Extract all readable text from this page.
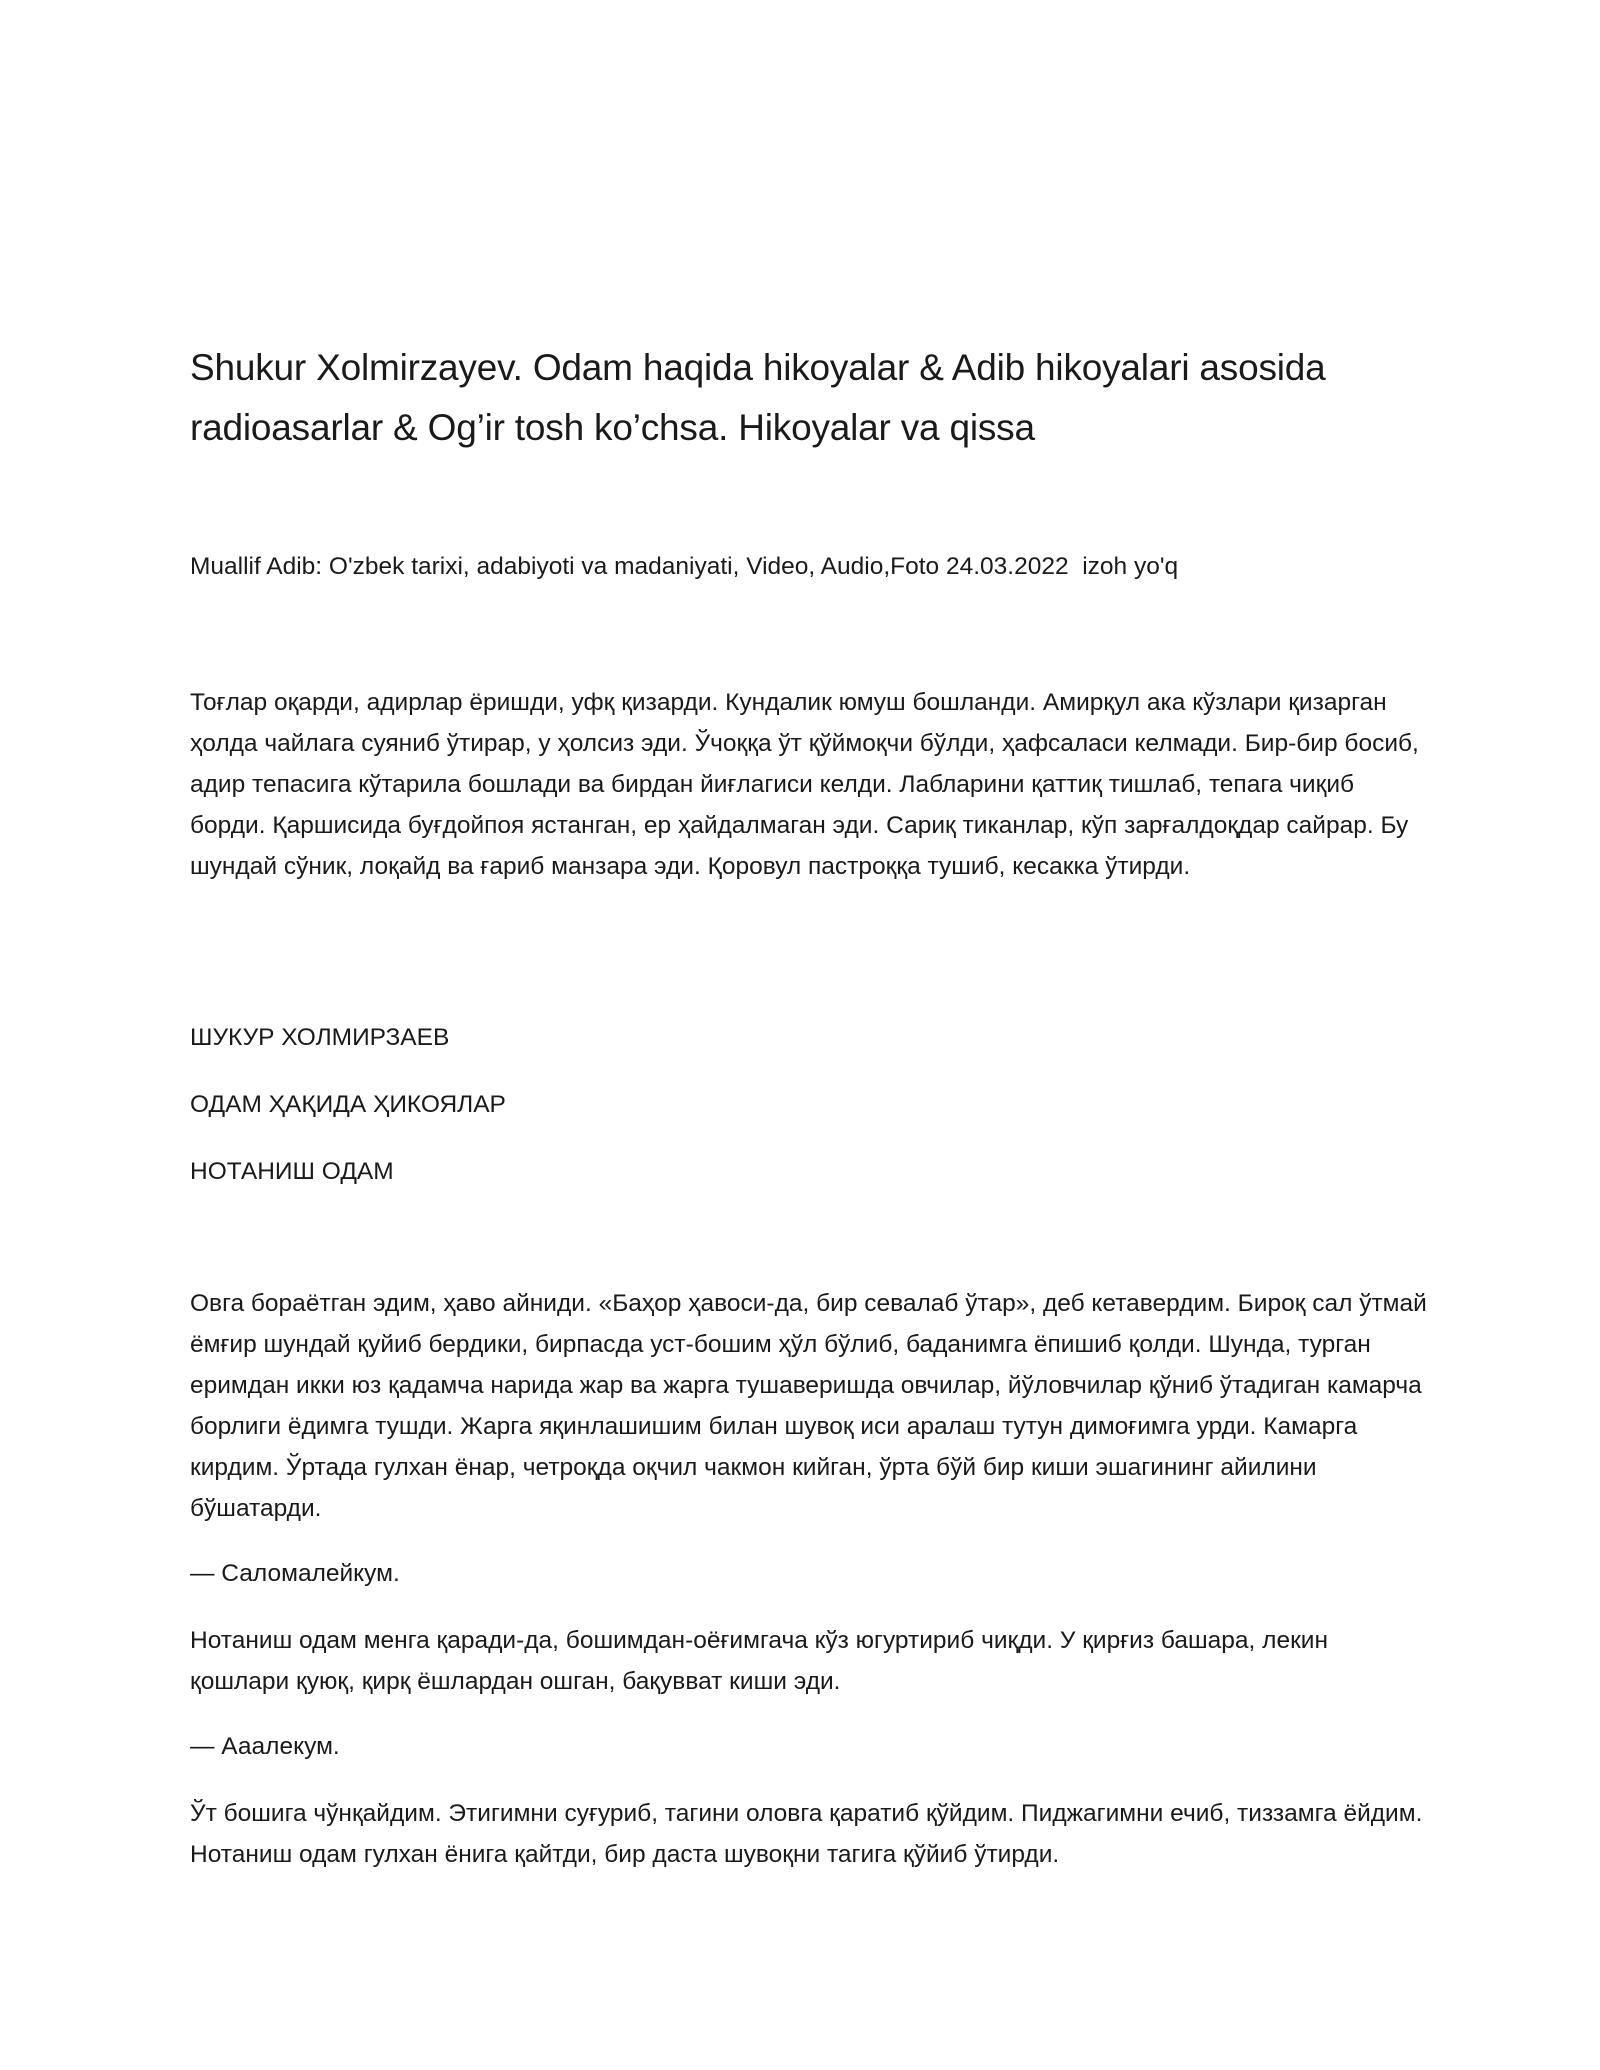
Shukur Xolmirzayev. Odam haqida hikoyalar & Adib hikoyalari asosida radioasarlar & Og’ir tosh ko’chsa. Hikoyalar va qissa
Muallif Adib: O'zbek tarixi, adabiyoti va madaniyati, Video, Audio,Foto 24.03.2022  izoh yo'q

Тоғлар оқарди, адирлар ёришди, уфқ қизарди. Кундалик юмуш бошланди. Амирқул ака кўзлари қизарган ҳолда чайлага суяниб ўтирар, у ҳолсиз эди. Ўчоққа ўт қўймоқчи бўлди, ҳафсаласи келмади. Бир-бир босиб, адир тепасига кўтарила бошлади ва бирдан йиғлагиси келди. Лабларини қаттиқ тишлаб, тепага чиқиб борди. Қаршисида буғдойпоя ястанган, ер ҳайдалмаган эди. Сариқ тиканлар, кўп зарғалдоқдар сайрар. Бу шундай сўник, лоқайд ва ғариб манзара эди. Қоровул пастроққа тушиб, кесакка ўтирди.

ШУКУР ХОЛМИРЗАЕВ

ОДАМ ҲАҚИДА ҲИКОЯЛАР

НОТАНИШ ОДАМ

Овга бораётган эдим, ҳаво айниди. «Баҳор ҳавоси-да, бир севалаб ўтар», деб кетавердим. Бироқ сал ўтмай ёмғир шундай қуйиб бердики, бирпасда уст-бошим ҳўл бўлиб, баданимга ёпишиб қолди. Шунда, турган еримдан икки юз қадамча нарида жар ва жарга тушаверишда овчилар, йўловчилар қўниб ўтадиган камарча борлиги ёдимга тушди. Жарга яқинлашишим билан шувоқ иси аралаш тутун димоғимга урди. Камарга кирдим. Ўртада гулхан ёнар, четроқда оқчил чакмон кийган, ўрта бўй бир киши эшагининг айилини бўшатарди.

— Саломалейкум.

Нотаниш одам менга қаради-да, бошимдан-оёғимгача кўз югуртириб чиқди. У қирғиз башара, лекин қошлари қуюқ, қирқ ёшлардан ошган, бақувват киши эди.

— Ааалекум.

Ўт бошига чўнқайдим. Этигимни суғуриб, тагини оловга қаратиб қўйдим. Пиджагимни ечиб, тиззамга ёйдим. Нотаниш одам гулхан ёнига қайтди, бир даста шувоқни тагига қўйиб ўтирди.
